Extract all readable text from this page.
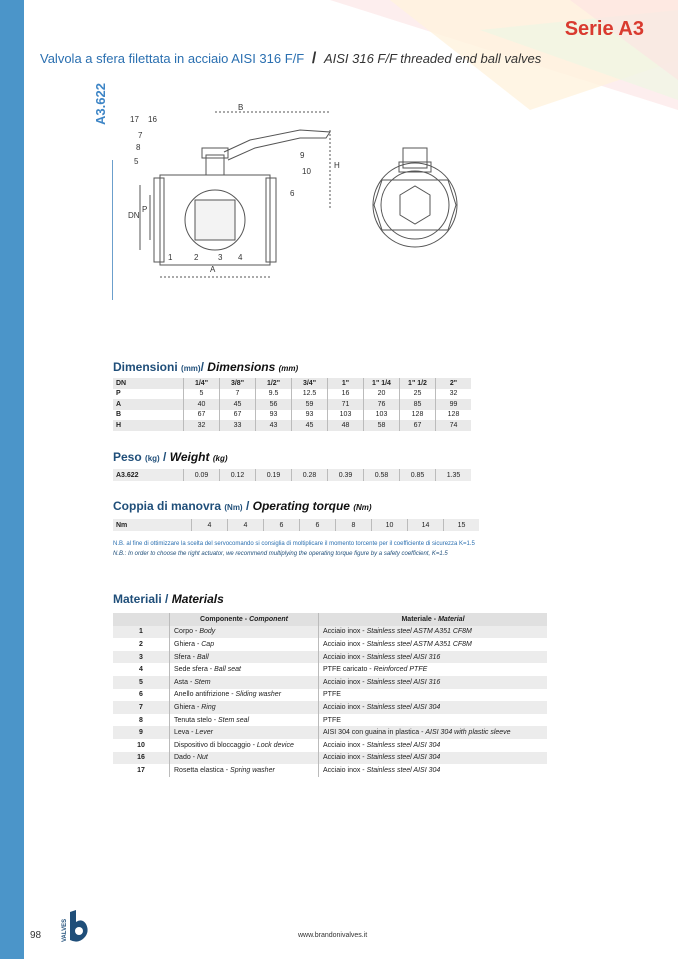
Serie A3
Valvola a sfera filettata in acciaio AISI 316 F/F / AISI 316 F/F threaded end ball valves
A3.622	17 16
7
8
5
9
10
6
1	2 3 4
A
B
H
DN
P
Dimensioni (mm)/ Dimensions (mm)
DN	1/4"	3/8"	1/2"	3/4"	1"	1" 1/4	1" 1/2	2"
P	5	7	9.5	12.5	16	20	25	32
A	40	45	56	59	71	76	85	99
B	67	67	93	93	103	103	128	128
H	32	33	43	45	48	58	67	74
Peso (kg) / Weight (kg)
A3.622	0.09	0.12	0.19	0.28	0.39	0.58	0.85	1.35
Coppia di manovra (Nm) / Operating torque (Nm)
Nm	4	4	6	6	8	10	14	15
N.B. al fine di ottimizzare la scelta del servocomando si consiglia di moltiplicare il momento torcente per il coefficiente di sicurezza K=1.5
N.B.: In order to choose the right actuator, we recommend multiplying the operating torque figure by a safety coefficient, K=1.5
Materiali / Materials
	Componente - Component	Materiale - Material
1	Corpo - Body	Acciaio inox - Stainless steel ASTM A351 CF8M
2	Ghiera - Cap	Acciaio inox - Stainless steel ASTM A351 CF8M
3	Sfera - Ball	Acciaio inox - Stainless steel AISI 316
4	Sede sfera - Ball seat	PTFE caricato - Reinforced PTFE
5	Asta - Stem	Acciaio inox - Stainless steel AISI 316
6	Anello antifrizione - Sliding washer	PTFE
7	Ghiera - Ring	Acciaio inox - Stainless steel AISI 304
8	Tenuta stelo - Stem seal	PTFE
9	Leva - Lever	AISI 304 con guaina in plastica - AISI 304 with plastic sleeve
10	Dispositivo di bloccaggio - Lock device	Acciaio inox - Stainless steel AISI 304
16	Dado - Nut	Acciaio inox - Stainless steel AISI 304
17	Rosetta elastica - Spring washer	Acciaio inox - Stainless steel AISI 304
98	VALVES	www.brandonivalves.it
